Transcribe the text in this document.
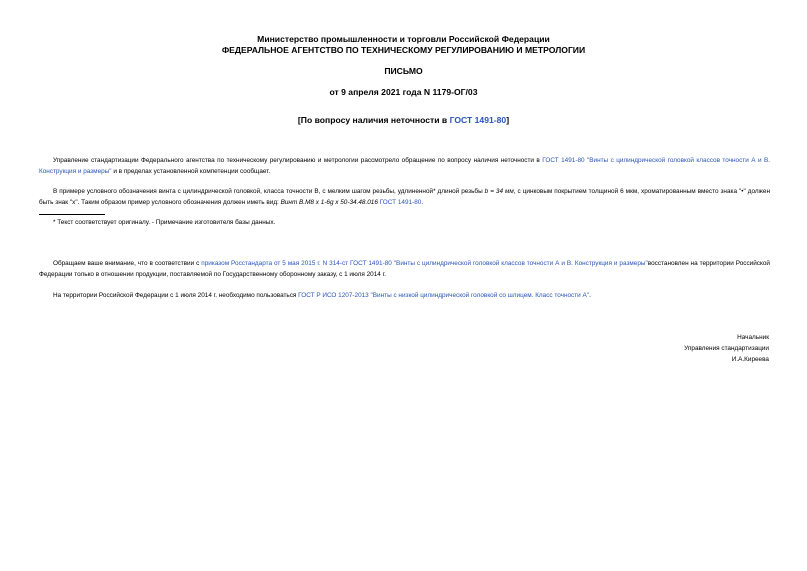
Министерство промышленности и торговли Российской Федерации
ФЕДЕРАЛЬНОЕ АГЕНТСТВО ПО ТЕХНИЧЕСКОМУ РЕГУЛИРОВАНИЮ И МЕТРОЛОГИИ
ПИСЬМО
от 9 апреля 2021 года N 1179-ОГ/03
[По вопросу наличия неточности в ГОСТ 1491-80]
Управление стандартизации Федерального агентства по техническому регулированию и метрологии рассмотрело обращение по вопросу наличия неточности в ГОСТ 1491-80 "Винты с цилиндрической головкой классов точности А и В. Конструкция и размеры" и в пределах установленной компетенции сообщает.
В примере условного обозначения винта с цилиндрической головкой, класса точности В, с мелким шагом резьбы, удлиненной* длиной резьбы b = 34 мм, с цинковым покрытием толщиной 6 мкм, хроматированным вместо знака "•" должен быть знак "х". Таким образом пример условного обозначения должен иметь вид: Винт В.М8 х 1-6g х 50-34.48.016 ГОСТ 1491-80.
* Текст соответствует оригиналу. - Примечание изготовителя базы данных.
Обращаем ваше внимание, что в соответствии с приказом Росстандарта от 5 мая 2015 г. N 314-ст ГОСТ 1491-80 "Винты с цилиндрической головкой классов точности А и В. Конструкция и размеры"восстановлен на территории Российской Федерации только в отношении продукции, поставляемой по Государственному оборонному заказу, с 1 июля 2014 г.
На территории Российской Федерации с 1 июля 2014 г. необходимо пользоваться ГОСТ Р ИСО 1207-2013 "Винты с низкой цилиндрической головкой со шлицем. Класс точности А".
Начальник
Управления стандартизации
И.А.Киреева
